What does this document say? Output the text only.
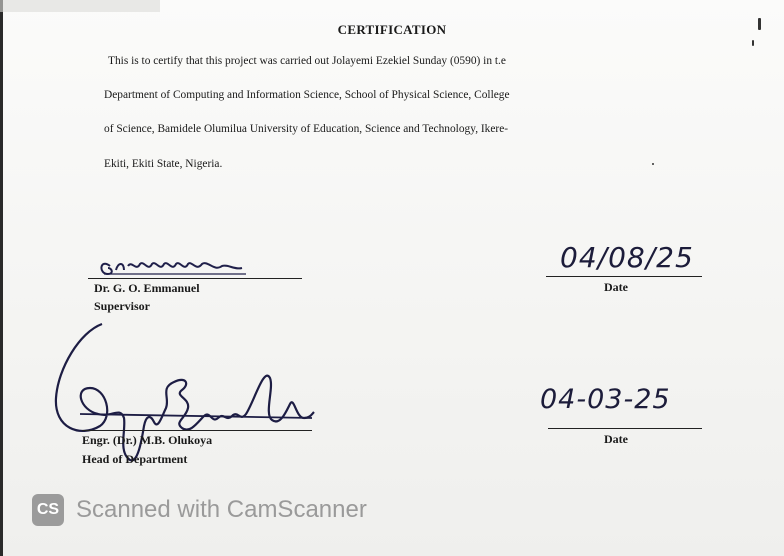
CERTIFICATION
This is to certify that this project was carried out Jolayemi Ezekiel Sunday (0590) in t.e
Department of Computing and Information Science, School of Physical Science, College
of Science, Bamidele Olumilua University of Education, Science and Technology, Ikere-
Ekiti, Ekiti State, Nigeria.
Dr. G. O. Emmanuel
Supervisor
04/08/25
Date
Engr. (Dr.) M.B. Olukoya
Head of Department
04-03-25
Date
CS Scanned with CamScanner
